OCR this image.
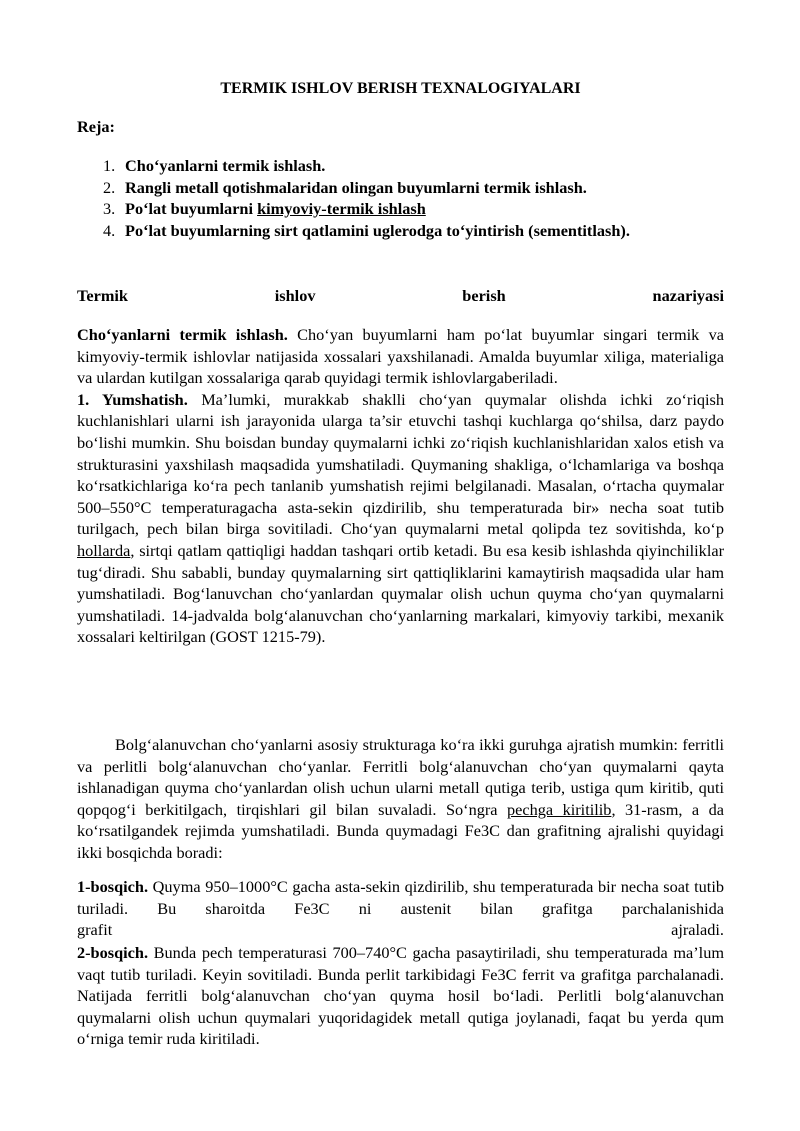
TERMIK ISHLOV BERISH TEXNALOGIYALARI
Reja:
1. Cho‘yanlarni termik ishlash.
2. Rangli metall qotishmalaridan olingan buyumlarni termik ishlash.
3. Po‘lat buyumlarni kimyoviy-termik ishlash
4. Po‘lat buyumlarning sirt qatlamini uglerodga to‘yintirish (sementitlash).
Termik	ishlov	berish	nazariyasi

Cho‘yanlarni termik ishlash. Cho‘yan buyumlarni ham po‘lat buyumlar singari termik va kimyoviy-termik ishlovlar natijasida xossalari yaxshilanadi. Amalda buyumlar xiliga, materialiga va ulardan kutilgan xossalariga qarab quyidagi termik ishlovlargaberiladi.
1. Yumshatish. Ma’lumki, murakkab shaklli cho‘yan quymalar olishda ichki zo‘riqish kuchlanishlari ularni ish jarayonida ularga ta’sir etuvchi tashqi kuchlarga qo‘shilsa, darz paydo bo‘lishi mumkin. Shu boisdan bunday quymalarni ichki zo‘riqish kuchlanishlaridan xalos etish va strukturasini yaxshilash maqsadida yumshatiladi. Quymaning shakliga, o‘lchamlariga va boshqa ko‘rsatkichlariga ko‘ra pech tanlanib yumshatish rejimi belgilanadi. Masalan, o‘rtacha quymalar 500–550°C temperaturagacha asta-sekin qizdirilib, shu temperaturada bir» necha soat tutib turilgach, pech bilan birga sovitiladi. Cho‘yan quymalarni metal qolipda tez sovitishda, ko‘p hollarda, sirtqi qatlam qattiqligi haddan tashqari ortib ketadi. Bu esa kesib ishlashda qiyinchiliklar tug‘diradi. Shu sababli, bunday quymalarning sirt qattiqliklarini kamaytirish maqsadida ular ham yumshatiladi. Bog‘lanuvchan cho‘yanlardan quymalar olish uchun quyma cho‘yan quymalarni yumshatiladi. 14-jadvalda bolg‘alanuvchan cho‘yanlarning markalari, kimyoviy tarkibi, mexanik xossalari keltirilgan (GOST 1215-79).

Bolg‘alanuvchan cho‘yanlarni asosiy strukturaga ko‘ra ikki guruhga ajratish mumkin: ferritli va perlitli bolg‘alanuvchan cho‘yanlar. Ferritli bolg‘alanuvchan cho‘yan quymalarni qayta ishlanadigan quyma cho‘yanlardan olish uchun ularni metall qutiga terib, ustiga qum kiritib, quti qopqog‘i berkitilgach, tirqishlari gil bilan suvaladi. So‘ngra pechga kiritilib, 31-rasm, a da ko‘rsatilgandek rejimda yumshatiladi. Bunda quymadagi Fe3C dan grafitning ajralishi quyidagi ikki bosqichda boradi:

1-bosqich. Quyma 950–1000°C gacha asta-sekin qizdirilib, shu temperaturada bir necha soat tutib turiladi. Bu sharoitda Fe3C ni austenit bilan grafitga parchalanishida
grafit	ajraladi.

2-bosqich. Bunda pech temperaturasi 700–740°C gacha pasaytiriladi, shu temperaturada ma’lum vaqt tutib turiladi. Keyin sovitiladi. Bunda perlit tarkibidagi Fe3C ferrit va grafitga parchalanadi. Natijada ferritli bolg‘alanuvchan cho‘yan quyma hosil bo‘ladi. Perlitli bolg‘alanuvchan quymalarni olish uchun quymalari yuqoridagidek metall qutiga joylanadi, faqat bu yerda qum o‘rniga temir ruda kiritiladi.
